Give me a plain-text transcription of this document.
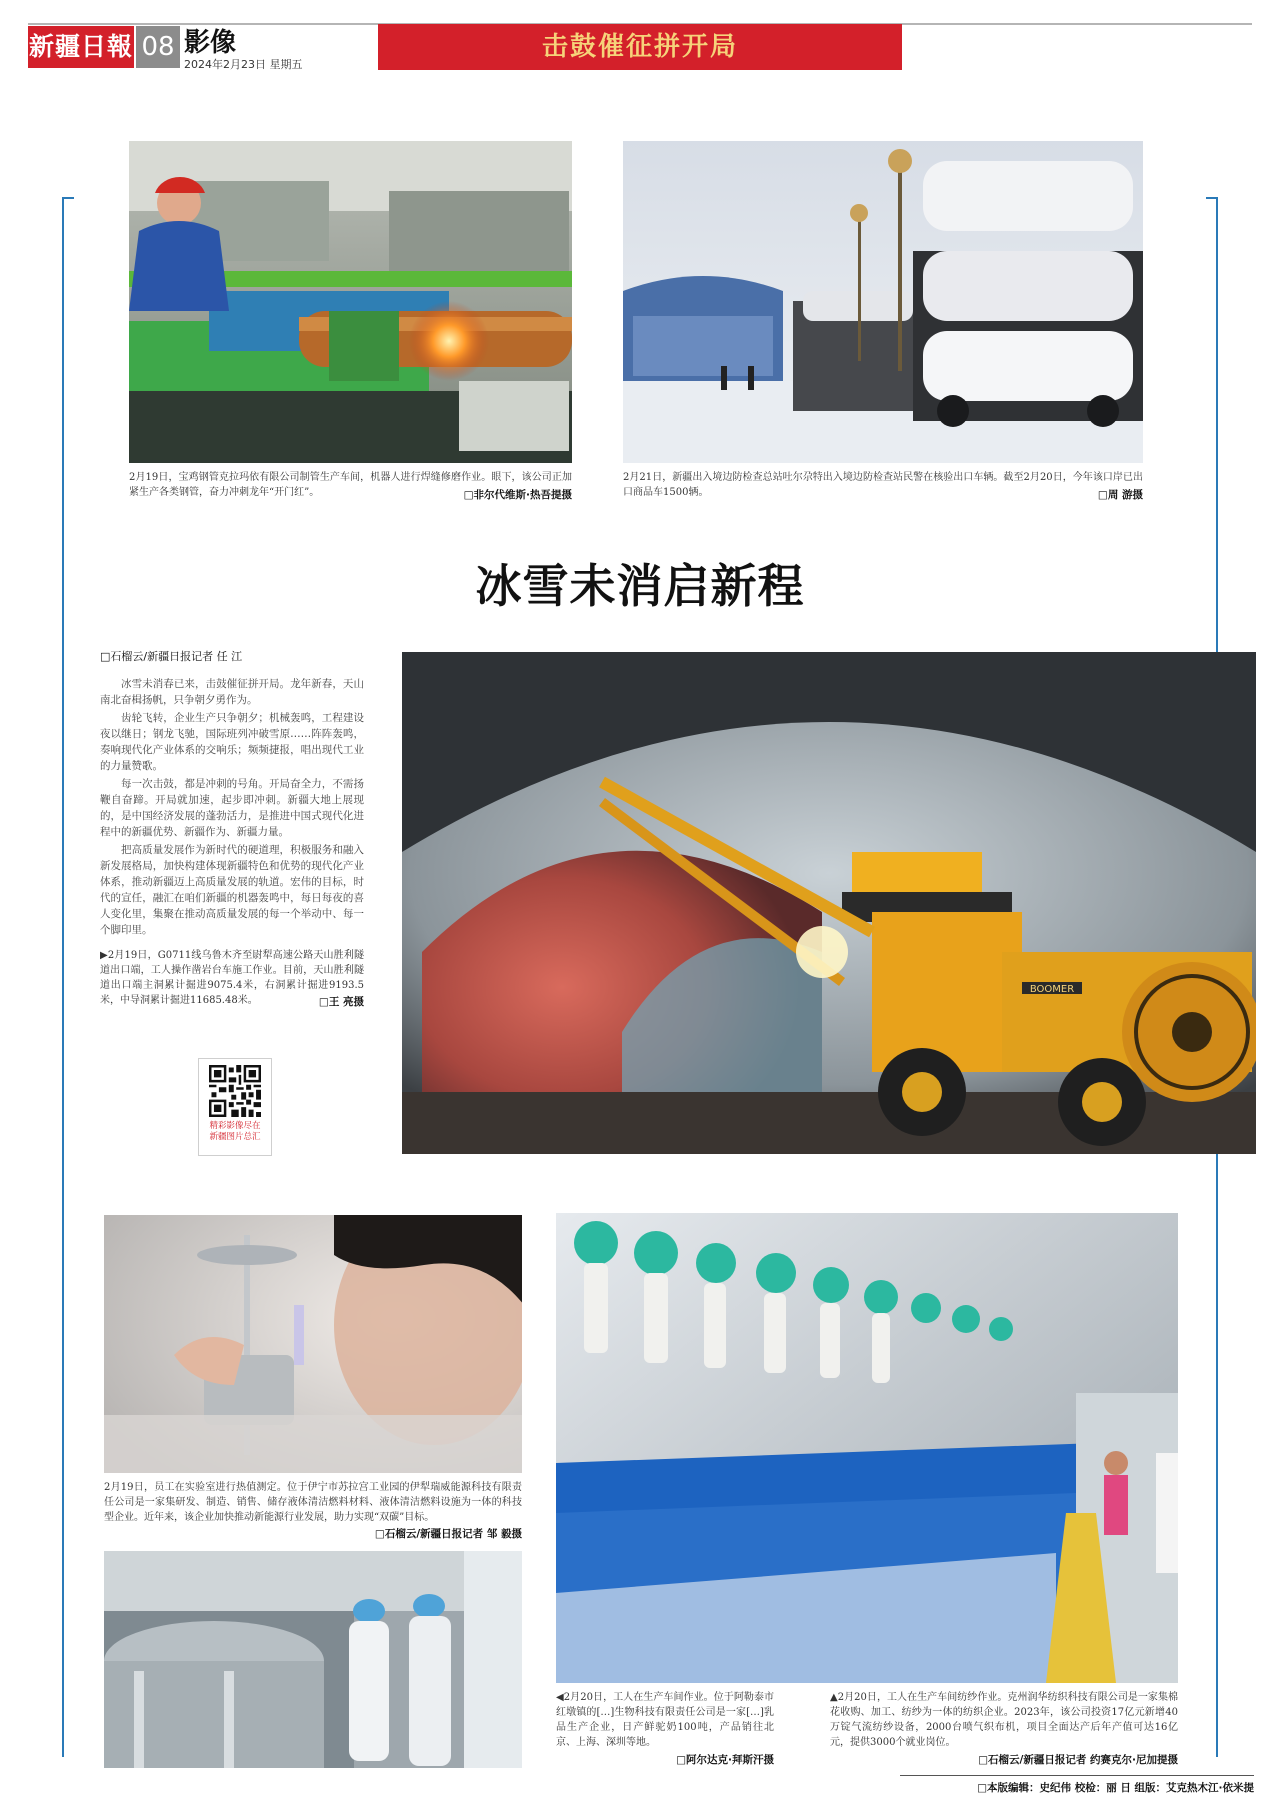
新疆日報 08 影像
2024年2月23日 星期五
击鼓催征拼开局
2月19日，宝鸡钢管克拉玛依有限公司制管生产车间，机器人进行焊缝修磨作业。眼下，该公司正加紧生产各类钢管，奋力冲刺龙年“开门红”。	□非尔代维斯·热吾提摄
2月21日，新疆出入境边防检查总站吐尔尕特出入境边防检查站民警在核验出口车辆。截至2月20日，今年该口岸已出口商品车1500辆。	□周 游摄
冰雪未消启新程
□石榴云/新疆日报记者 任 江

冰雪未消春已来，击鼓催征拼开局。龙年新春，天山南北奋楫扬帆，只争朝夕勇作为。

齿轮飞转，企业生产只争朝夕；机械轰鸣，工程建设夜以继日；钢龙飞驰，国际班列冲破雪原……阵阵轰鸣，奏响现代化产业体系的交响乐；频频捷报，唱出现代工业的力量赞歌。

每一次击鼓，都是冲刺的号角。开局奋全力，不需扬鞭自奋蹄。开局就加速，起步即冲刺。新疆大地上展现的，是中国经济发展的蓬勃活力，是推进中国式现代化进程中的新疆优势、新疆作为、新疆力量。

把高质量发展作为新时代的硬道理，积极服务和融入新发展格局，加快构建体现新疆特色和优势的现代化产业体系，推动新疆迈上高质量发展的轨道。宏伟的目标，时代的宣任，融汇在咱们新疆的机器轰鸣中，每日每夜的喜人变化里，集聚在推动高质量发展的每一个举动中、每一个脚印里。

▶2月19日，G0711线乌鲁木齐至尉犁高速公路天山胜利隧道出口端，工人操作凿岩台车施工作业。目前，天山胜利隧道出口端主洞累计掘进9075.4米，右洞累计掘进9193.5米，中导洞累计掘进11685.48米。	□王 亮摄
精彩影像尽在
新疆图片总汇
BOOMER
2月19日，员工在实验室进行热值测定。位于伊宁市苏拉宫工业园的伊犁瑞威能源科技有限责任公司是一家集研发、制造、销售、储存液体清洁燃料材料、液体清洁燃料设施为一体的科技型企业。近年来，该企业加快推动新能源行业发展，助力实现“双碳”目标。
□石榴云/新疆日报记者 邹 毅摄
◀2月20日，工人在生产车间作业。位于阿勒泰市红墩镇的[…]生物科技有限责任公司是一家[…]乳品生产企业，日产鲜驼奶100吨，产品销往北京、上海、深圳等地。
□阿尔达克·拜斯汗摄
▲2月20日，工人在生产车间纺纱作业。克州润华纺织科技有限公司是一家集棉花收购、加工、纺纱为一体的纺织企业。2023年，该公司投资17亿元新增40万锭气流纺纱设备，2000台喷气织布机，项目全面达产后年产值可达16亿元，提供3000个就业岗位。
□石榴云/新疆日报记者 约赛克尔·尼加提摄
□本版编辑：史纪伟 校检：丽 日 组版：艾克热木江·依米提
